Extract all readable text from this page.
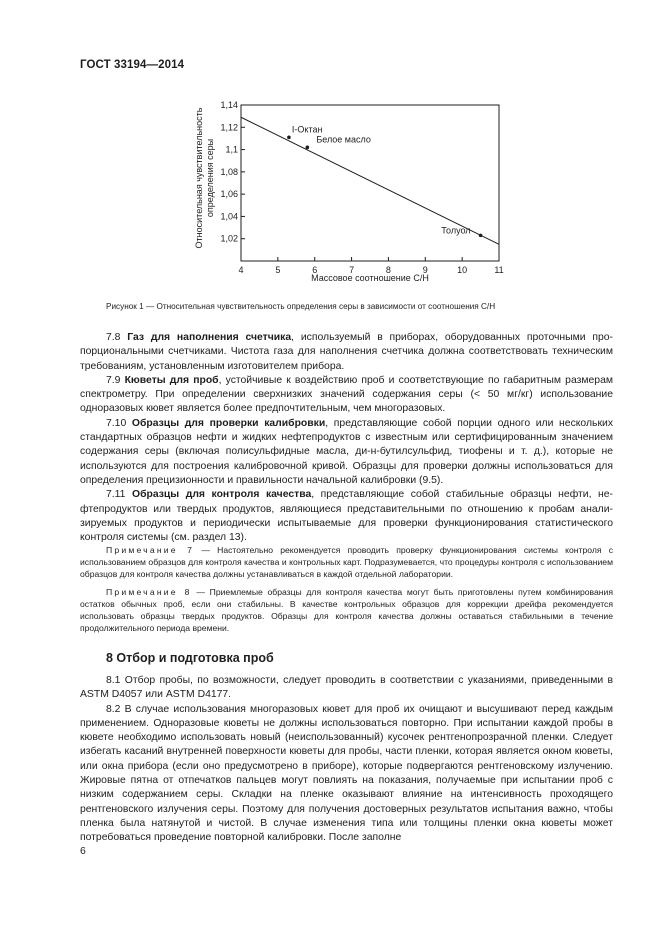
ГОСТ 33194—2014
Относительная чувствительность определения серы
Массовое соотношение С/Н
4	5	6	7	8	9	10	11
1,14
1,12
1,1
1,08
1,06
1,04
1,02
I-Октан
Белое масло
Толуол
Рисунок 1 — Относительная чувствительность определения серы в зависимости от соотношения С/Н

7.8 Газ для наполнения счетчика, используемый в приборах, оборудованных проточными пропорциональными счетчиками. Чистота газа для наполнения счетчика должна соответствовать техническим требованиям, установленным изготовителем прибора.

7.9 Кюветы для проб, устойчивые к воздействию проб и соответствующие по габаритным размерам спектрометру. При определении сверхнизких значений содержания серы (< 50 мг/кг) использование одноразовых кювет является более предпочтительным, чем многоразовых.

7.10 Образцы для проверки калибровки, представляющие собой порции одного или нескольких стандартных образцов нефти и жидких нефтепродуктов с известным или сертифицированным значением содержания серы (включая полисульфидные масла, ди-н-бутилсульфид, тиофены и т. д.), которые не используются для построения калибровочной кривой. Образцы для проверки должны использоваться для определения прецизионности и правильности начальной калибровки (9.5).

7.11 Образцы для контроля качества, представляющие собой стабильные образцы нефти, нефтепродуктов или твердых продуктов, являющиеся представительными по отношению к пробам анализируемых продуктов и периодически испытываемые для проверки функционирования статистического контроля системы (см. раздел 13).

Примечание 7 — Настоятельно рекомендуется проводить проверку функционирования системы контроля с использованием образцов для контроля качества и контрольных карт. Подразумевается, что процедуры контроля с использованием образцов для контроля качества должны устанавливаться в каждой отдельной лаборатории.

Примечание 8 — Приемлемые образцы для контроля качества могут быть приготовлены путем комбинирования остатков обычных проб, если они стабильны. В качестве контрольных образцов для коррекции дрейфа рекомендуется использовать образцы твердых продуктов. Образцы для контроля качества должны оставаться стабильными в течение продолжительного периода времени.

8 Отбор и подготовка проб

8.1 Отбор пробы, по возможности, следует проводить в соответствии с указаниями, приведенными в ASTM D4057 или ASTM D4177.

8.2 В случае использования многоразовых кювет для проб их очищают и высушивают перед каждым применением. Одноразовые кюветы не должны использоваться повторно. При испытании каждой пробы в кювете необходимо использовать новый (неиспользованный) кусочек рентгенопрозрачной пленки. Следует избегать касаний внутренней поверхности кюветы для пробы, части пленки, которая является окном кюветы, или окна прибора (если оно предусмотрено в приборе), которые подвергаются рентгеновскому излучению. Жировые пятна от отпечатков пальцев могут повлиять на показания, получаемые при испытании проб с низким содержанием серы. Складки на пленке оказывают влияние на интенсивность проходящего рентгеновского излучения серы. Поэтому для получения достоверных результатов испытания важно, чтобы пленка была натянутой и чистой. В случае изменения типа или толщины пленки окна кюветы может потребоваться проведение повторной калибровки. После заполне

6
